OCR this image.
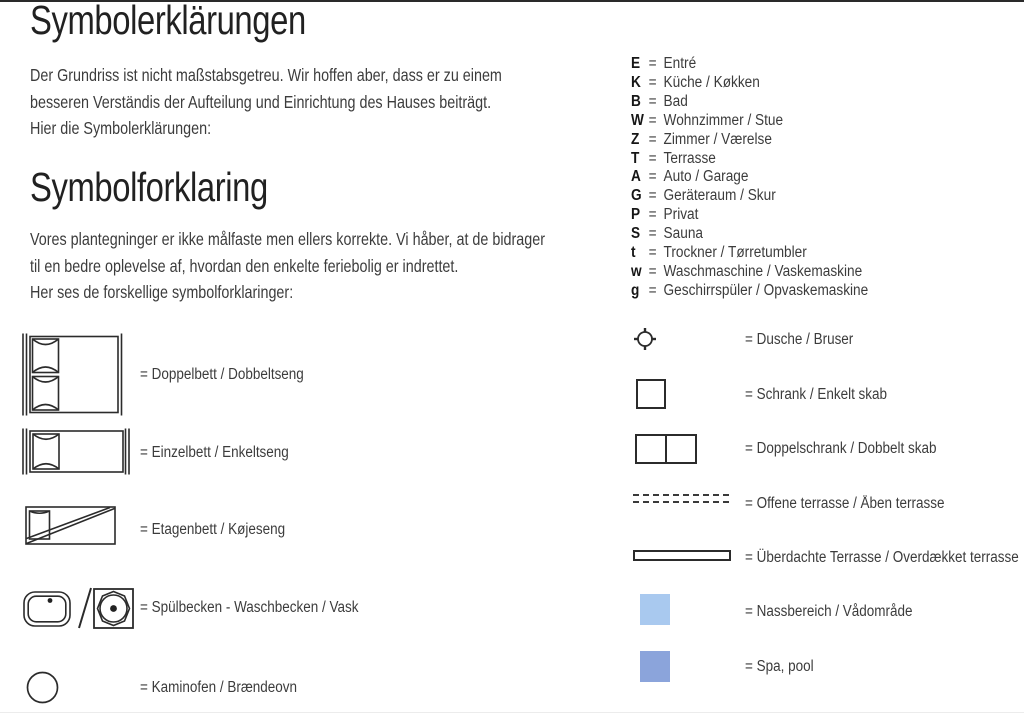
Symbolerklärungen
Der Grundriss ist nicht maßstabsgetreu. Wir hoffen aber, dass er zu einem
besseren Verständis der Aufteilung und Einrichtung des Hauses beiträgt.
Hier die Symbolerklärungen:
Symbolforklaring
Vores plantegninger er ikke målfaste men ellers korrekte. Vi håber, at de bidrager
til en bedre oplevelse af, hvordan den enkelte feriebolig er indrettet.
Her ses de forskellige symbolforklaringer:
E = Entré
K = Küche / Køkken
B = Bad
W = Wohnzimmer / Stue
Z = Zimmer / Værelse
T = Terrasse
A = Auto / Garage
G = Geräteraum / Skur
P = Privat
S = Sauna
t = Trockner / Tørretumbler
w = Waschmaschine / Vaskemaskine
g = Geschirrspüler / Opvaskemaskine
= Doppelbett / Dobbeltseng
= Einzelbett / Enkeltseng
= Etagenbett / Køjeseng
= Spülbecken - Waschbecken / Vask
= Kaminofen / Brændeovn
= Dusche / Bruser
= Schrank / Enkelt skab
= Doppelschrank / Dobbelt skab
= Offene terrasse / Åben terrasse
= Überdachte Terrasse / Overdækket terrasse
= Nassbereich / Vådområde
= Spa, pool
